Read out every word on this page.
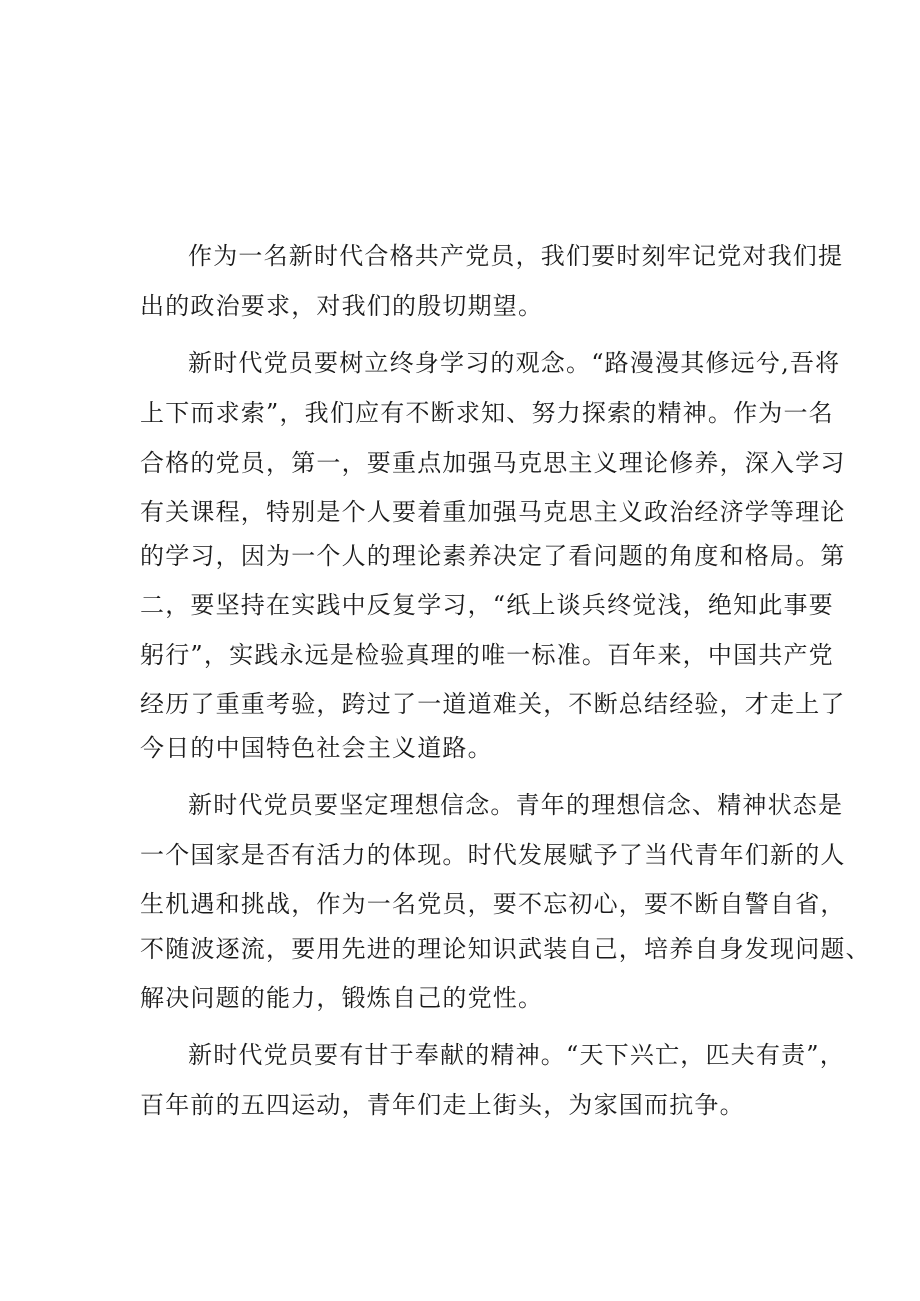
作为一名新时代合格共产党员，我们要时刻牢记党对我们提
出的政治要求，对我们的殷切期望。
新时代党员要树立终身学习的观念。“路漫漫其修远兮,吾将
上下而求索”，我们应有不断求知、努力探索的精神。作为一名
合格的党员，第一，要重点加强马克思主义理论修养，深入学习
有关课程，特别是个人要着重加强马克思主义政治经济学等理论
的学习，因为一个人的理论素养决定了看问题的角度和格局。第
二，要坚持在实践中反复学习，“纸上谈兵终觉浅，绝知此事要
躬行”，实践永远是检验真理的唯一标准。百年来，中国共产党
经历了重重考验，跨过了一道道难关，不断总结经验，才走上了
今日的中国特色社会主义道路。
新时代党员要坚定理想信念。青年的理想信念、精神状态是
一个国家是否有活力的体现。时代发展赋予了当代青年们新的人
生机遇和挑战，作为一名党员，要不忘初心，要不断自警自省，
不随波逐流，要用先进的理论知识武装自己，培养自身发现问题、
解决问题的能力，锻炼自己的党性。
新时代党员要有甘于奉献的精神。“天下兴亡，匹夫有责”，
百年前的五四运动，青年们走上街头，为家国而抗争。
